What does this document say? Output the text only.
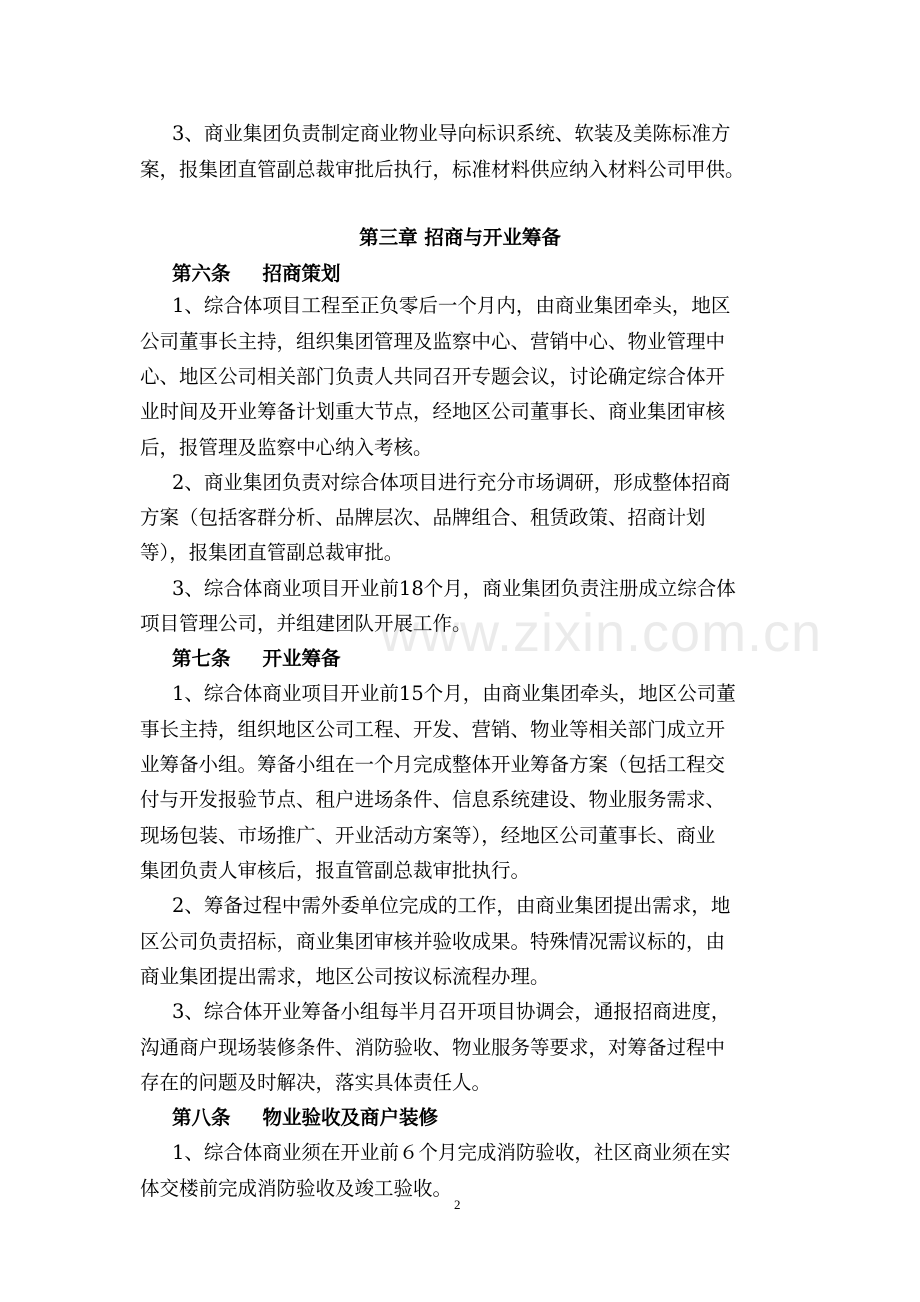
3、商业集团负责制定商业物业导向标识系统、软装及美陈标准方
案，报集团直管副总裁审批后执行，标准材料供应纳入材料公司甲供。
第三章 招商与开业筹备
第六条 招商策划
1、综合体项目工程至正负零后一个月内，由商业集团牵头，地区
公司董事长主持，组织集团管理及监察中心、营销中心、物业管理中
心、地区公司相关部门负责人共同召开专题会议，讨论确定综合体开
业时间及开业筹备计划重大节点，经地区公司董事长、商业集团审核
后，报管理及监察中心纳入考核。
2、商业集团负责对综合体项目进行充分市场调研，形成整体招商
方案（包括客群分析、品牌层次、品牌组合、租赁政策、招商计划
等），报集团直管副总裁审批。
3、综合体商业项目开业前18个月，商业集团负责注册成立综合体
项目管理公司，并组建团队开展工作。
第七条 开业筹备
1、综合体商业项目开业前15个月，由商业集团牵头，地区公司董
事长主持，组织地区公司工程、开发、营销、物业等相关部门成立开
业筹备小组。筹备小组在一个月完成整体开业筹备方案（包括工程交
付与开发报验节点、租户进场条件、信息系统建设、物业服务需求、
现场包装、市场推广、开业活动方案等），经地区公司董事长、商业
集团负责人审核后，报直管副总裁审批执行。
2、筹备过程中需外委单位完成的工作，由商业集团提出需求，地
区公司负责招标，商业集团审核并验收成果。特殊情况需议标的，由
商业集团提出需求，地区公司按议标流程办理。
3、综合体开业筹备小组每半月召开项目协调会，通报招商进度，
沟通商户现场装修条件、消防验收、物业服务等要求，对筹备过程中
存在的问题及时解决，落实具体责任人。
第八条 物业验收及商户装修
1、综合体商业须在开业前６个月完成消防验收，社区商业须在实
体交楼前完成消防验收及竣工验收。
www.zixin.com.cn
2
